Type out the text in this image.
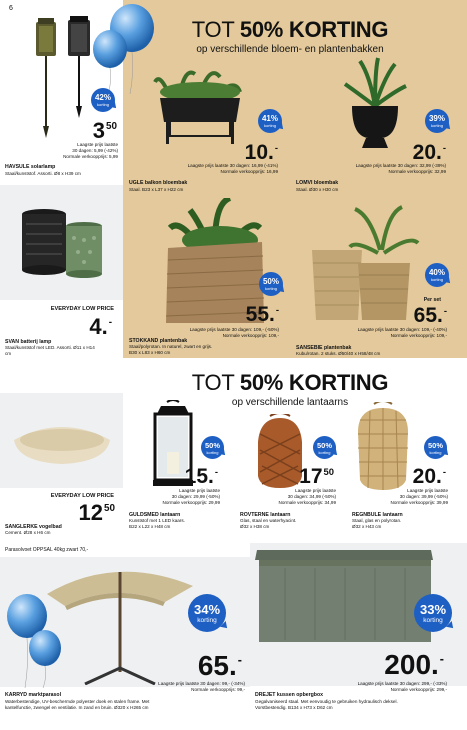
6
TOT 50% KORTING
op verschillende bloem- en plantenbakken
42%
korting
$3^{50}$
Laagste prijs laatste
30 dagen: 5,99 (-42%)
Normale verkoopprijs: 5,99
HAVSULE solarlamp
Staal/kunststof. Assorti. Ø8 x H39 cm
41%
korting
10.-
Laagste prijs laatste 30 dagen: 16,99 (-41%)
Normale verkoopprijs: 16,99
UGLE balkon bloembak
Staal. B23 x L37 x H22 cm
39%
korting
20.-
Laagste prijs laatste 30 dagen: 32,99 (-39%)
Normale verkoopprijs: 32,99
LOMVI bloembak
Staal. Ø30 x H30 cm
EVERYDAY LOW PRICE
4.-
SVAN batterij lamp
Staal/kunststof met LED. Assorti. Ø11 x H14 cm
50%
korting
55.-
Laagste prijs laatste 30 dagen: 109,- (-50%)
Normale verkoopprijs: 109,-
STOKKAND plantenbak
Staal/polyrotan. In naturel, zwart en grijs.
B30 x L83 x H60 cm
40%
korting
Per set
65.-
Laagste prijs laatste 30 dagen: 109,- (-40%)
Normale verkoopprijs: 109,-
SANSEBIE plantenbak
Kubu/rotan. 2 stuks. Ø50/40 x H58/48 cm
TOT 50% KORTING
op verschillende lantaarns
EVERYDAY LOW PRICE
$12^{50}$
SANGLERKE vogelbad
Cement. Ø28 x H6 cm
50%
korting
15.-
Laagste prijs laatste
30 dagen: 29,99 (-50%)
Normale verkoopprijs: 29,99
GULDSMED lantaarn
Kunststof met 1 LED kaars.
B22 x L22 x H48 cm
50%
korting
$17^{50}$
Laagste prijs laatste
30 dagen: 34,99 (-50%)
Normale verkoopprijs: 34,99
ROVTERNE lantaarn
Glas, staal en waterhyacint.
Ø32 x H38 cm
50%
korting
20.-
Laagste prijs laatste
30 dagen: 39,99 (-50%)
Normale verkoopprijs: 39,99
REGNBULE lantaarn
Staal, glas en polyrotan.
Ø32 x H43 cm
Parasolvoet OPPSAL 40kg zwart 70,-
34%
korting
65.-
Laagste prijs laatste 30 dagen: 99,- (-34%)
Normale verkoopprijs: 99,-
KARRYD marktparasol
Waterbestendige, UV-beschermde polyester doek en stalen frame. Met
kantelfunctie, zwengel en ventilatie. In zand en bruin. Ø320 x H265 cm
33%
korting
200.-
Laagste prijs laatste 30 dagen: 299,- (-33%)
Normale verkoopprijs: 299,-
DREJET kussen opbergbox
Gegalvaniseerd staal. Met eenvoudig te gebruiken hydraulisch deksel.
Vorstbestendig. B134 x H73 x D62 cm
